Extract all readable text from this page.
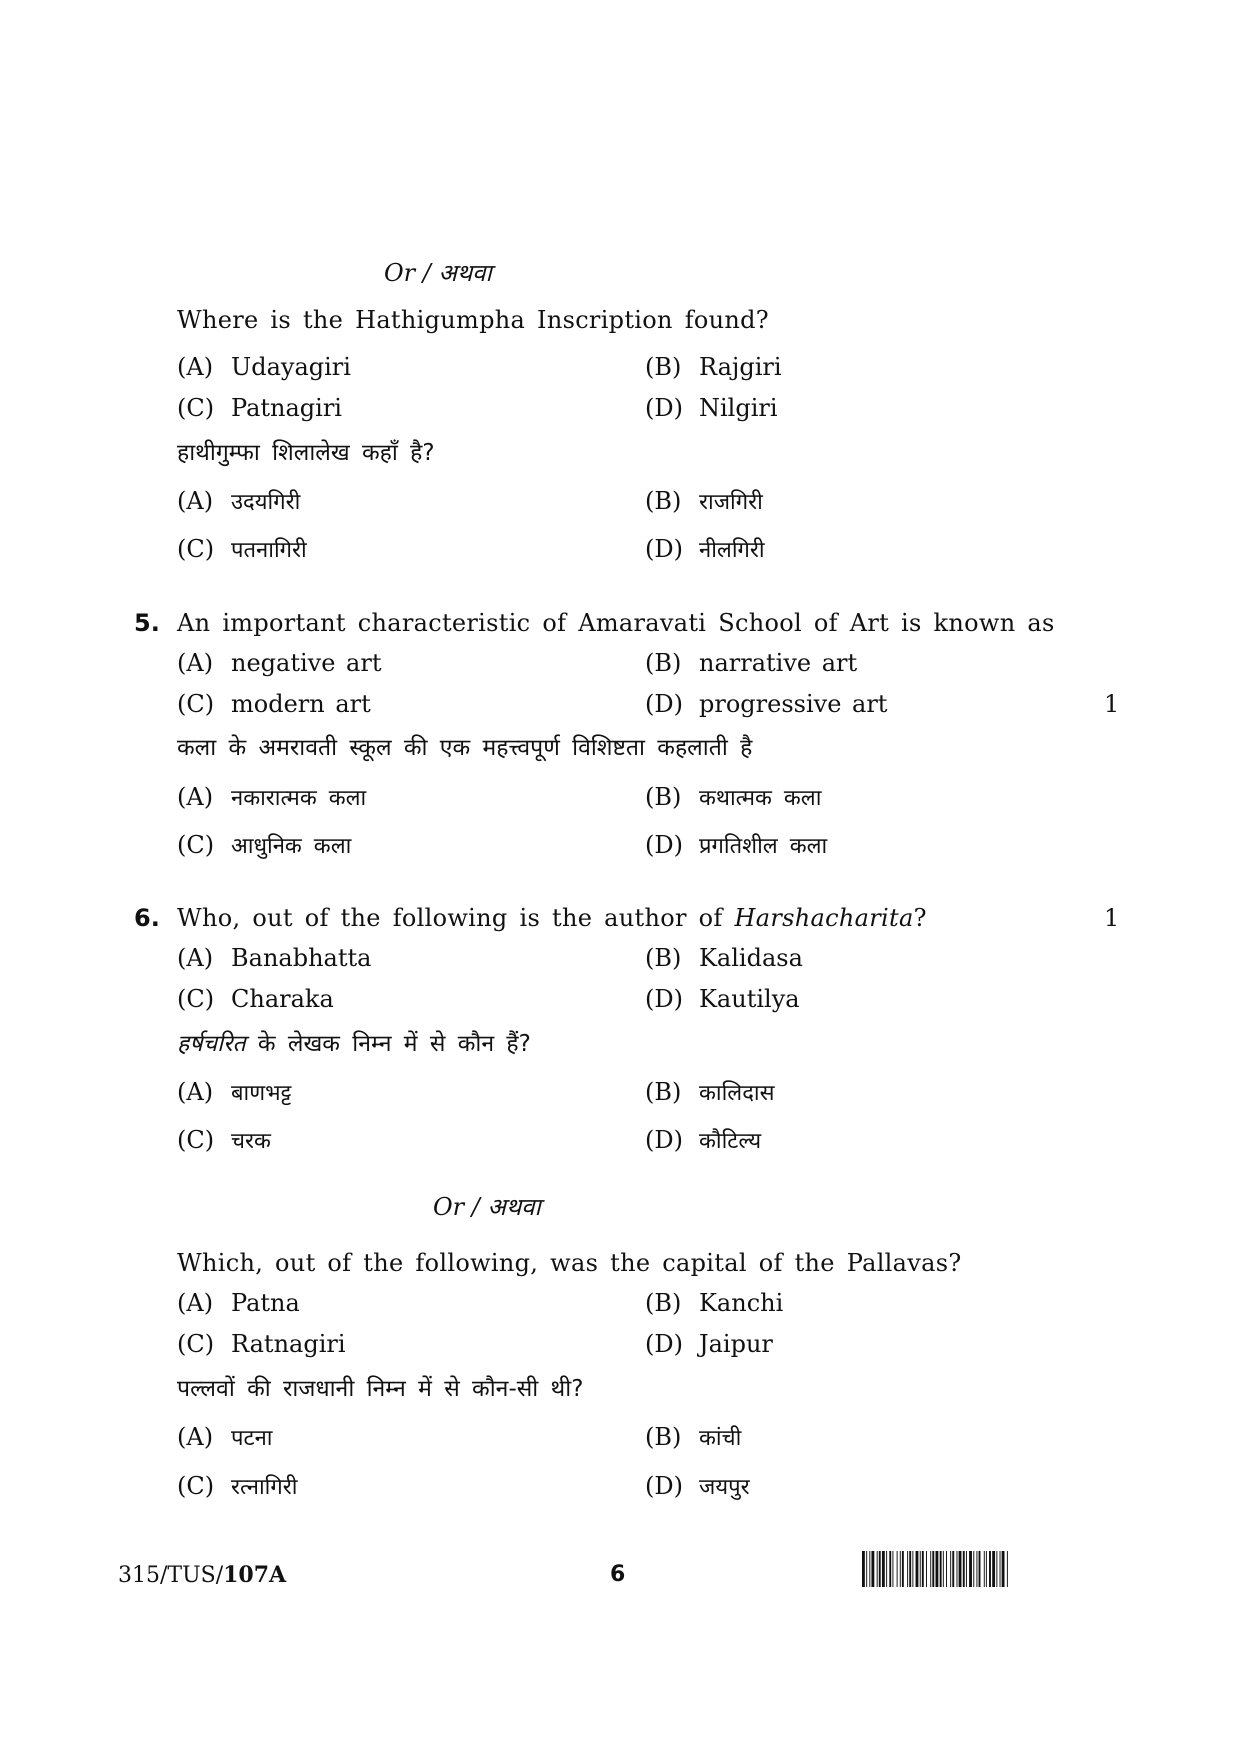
Or / अथवा
Where is the Hathigumpha Inscription found?
(A) Udayagiri	(B) Rajgiri
(C) Patnagiri	(D) Nilgiri
हाथीगुम्फा शिलालेख कहाँ है?
(A) उदयगिरी	(B) राजगिरी
(C) पतनागिरी	(D) नीलगिरी
5. An important characteristic of Amaravati School of Art is known as
(A) negative art	(B) narrative art
(C) modern art	(D) progressive art	1
कला के अमरावती स्कूल की एक महत्त्वपूर्ण विशिष्टता कहलाती है
(A) नकारात्मक कला	(B) कथात्मक कला
(C) आधुनिक कला	(D) प्रगतिशील कला
6. Who, out of the following is the author of Harshacharita?	1
(A) Banabhatta	(B) Kalidasa
(C) Charaka	(D) Kautilya
हर्षचरित के लेखक निम्न में से कौन हैं?
(A) बाणभट्ट	(B) कालिदास
(C) चरक	(D) कौटिल्य
Or / अथवा
Which, out of the following, was the capital of the Pallavas?
(A) Patna	(B) Kanchi
(C) Ratnagiri	(D) Jaipur
पल्लवों की राजधानी निम्न में से कौन-सी थी?
(A) पटना	(B) कांची
(C) रत्नागिरी	(D) जयपुर
315/TUS/107A	6
